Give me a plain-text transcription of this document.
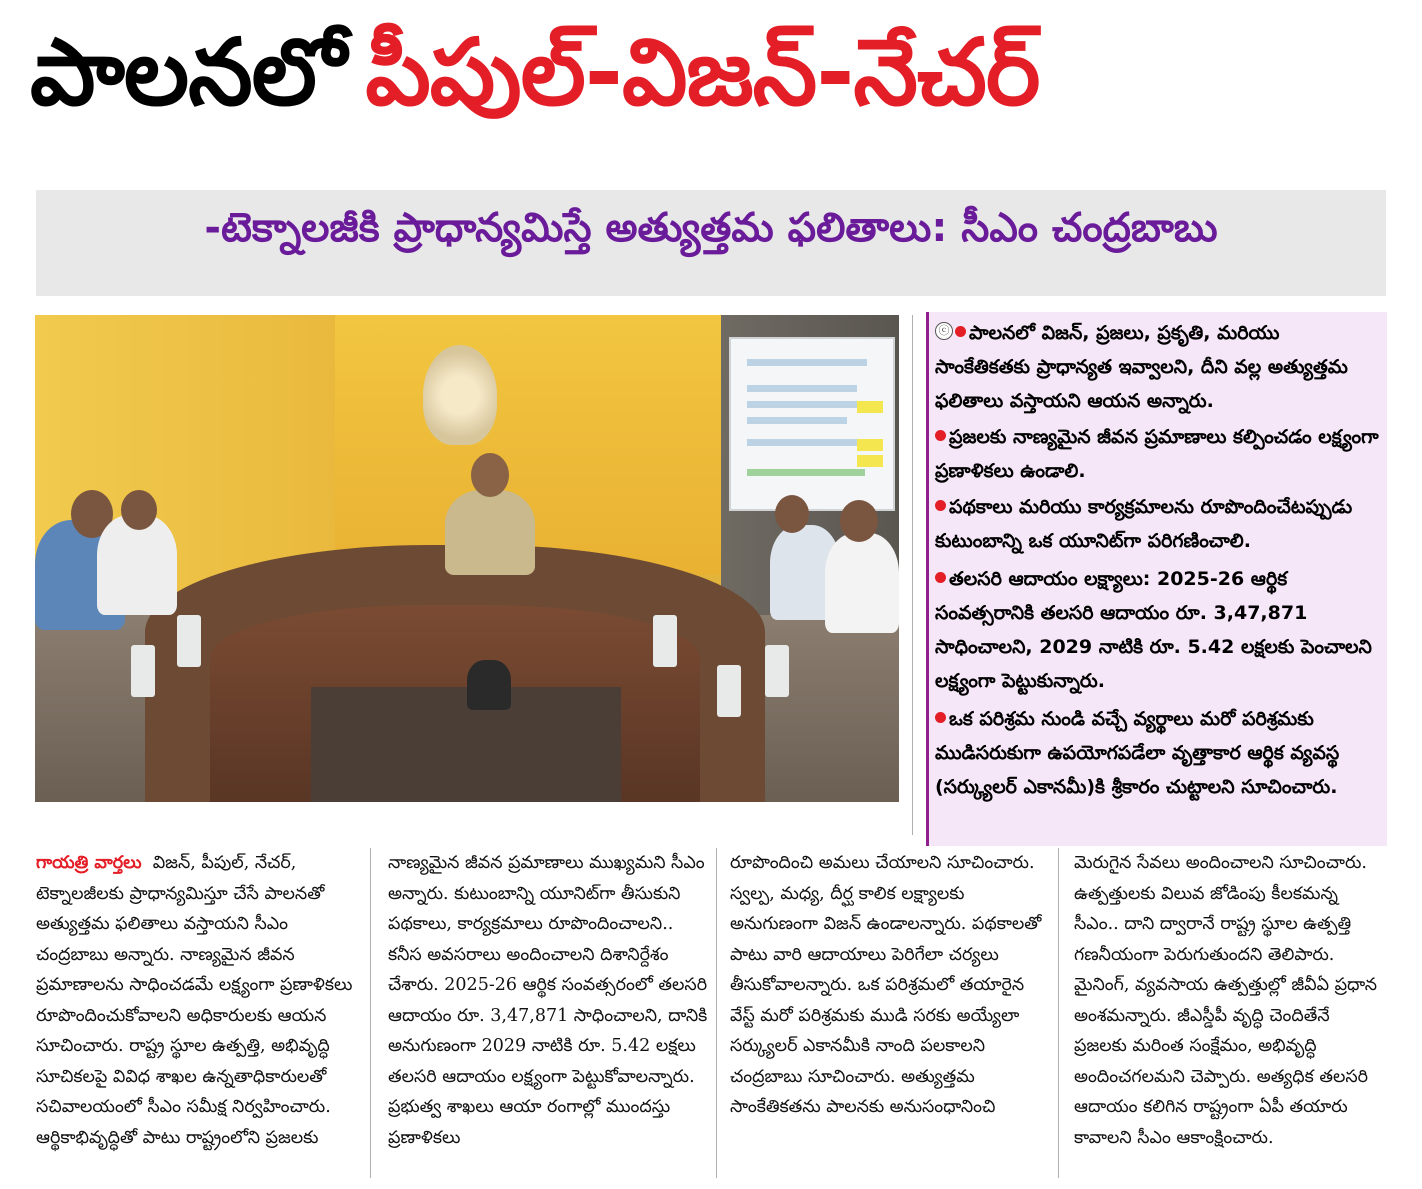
పాలనలో పీపుల్-విజన్-నేచర్
-టెక్నాలజీకి ప్రాధాన్యమిస్తే అత్యుత్తమ ఫలితాలు: సీఎం చంద్రబాబు
ⓒ	పాలనలో విజన్, ప్రజలు, ప్రకృతి, మరియు సాంకేతికతకు ప్రాధాన్యత ఇవ్వాలని, దీని వల్ల అత్యుత్తమ ఫలితాలు వస్తాయని ఆయన అన్నారు.
ప్రజలకు నాణ్యమైన జీవన ప్రమాణాలు కల్పించడం లక్ష్యంగా ప్రణాళికలు ఉండాలి.
పథకాలు మరియు కార్యక్రమాలను రూపొందించేటప్పుడు కుటుంబాన్ని ఒక యూనిట్‌గా పరిగణించాలి.
తలసరి ఆదాయం లక్ష్యాలు: 2025-26 ఆర్థిక సంవత్సరానికి తలసరి ఆదాయం రూ. 3,47,871 సాధించాలని, 2029 నాటికి రూ. 5.42 లక్షలకు పెంచాలని లక్ష్యంగా పెట్టుకున్నారు.
ఒక పరిశ్రమ నుండి వచ్చే వ్యర్థాలు మరో పరిశ్రమకు ముడిసరుకుగా ఉపయోగపడేలా వృత్తాకార ఆర్థిక వ్యవస్థ (సర్క్యులర్ ఎకానమీ)కి శ్రీకారం చుట్టాలని సూచించారు.

గాయత్రి వార్తలు విజన్, పీపుల్, నేచర్, టెక్నాలజీలకు ప్రాధాన్యమిస్తూ చేసే పాలనతో అత్యుత్తమ ఫలితాలు వస్తాయని సీఎం చంద్రబాబు అన్నారు. నాణ్యమైన జీవన ప్రమాణాలను సాధించడమే లక్ష్యంగా ప్రణాళికలు రూపొందించుకోవాలని అధికారులకు ఆయన సూచించారు. రాష్ట్ర స్థూల ఉత్పత్తి, అభివృద్ధి సూచికలపై వివిధ శాఖల ఉన్నతాధికారులతో సచివాలయంలో సీఎం సమీక్ష నిర్వహించారు. ఆర్థికాభివృద్ధితో పాటు రాష్ట్రంలోని ప్రజలకు

నాణ్యమైన జీవన ప్రమాణాలు ముఖ్యమని సీఎం అన్నారు. కుటుంబాన్ని యూనిట్‌గా తీసుకుని పథకాలు, కార్యక్రమాలు రూపొందించాలని.. కనీస అవసరాలు అందించాలని దిశానిర్దేశం చేశారు. 2025-26 ఆర్థిక సంవత్సరంలో తలసరి ఆదాయం రూ. 3,47,871 సాధించాలని, దానికి అనుగుణంగా 2029 నాటికి రూ. 5.42 లక్షలు తలసరి ఆదాయం లక్ష్యంగా పెట్టుకోవాలన్నారు. ప్రభుత్వ శాఖలు ఆయా రంగాల్లో ముందస్తు ప్రణాళికలు

రూపొందించి అమలు చేయాలని సూచించారు. స్వల్ప, మధ్య, దీర్ఘ కాలిక లక్ష్యాలకు అనుగుణంగా విజన్ ఉండాలన్నారు. పథకాలతో పాటు వారి ఆదాయాలు పెరిగేలా చర్యలు తీసుకోవాలన్నారు. ఒక పరిశ్రమలో తయారైన వేస్ట్ మరో పరిశ్రమకు ముడి సరకు అయ్యేలా సర్క్యులర్ ఎకానమీకి నాంది పలకాలని చంద్రబాబు సూచించారు. అత్యుత్తమ సాంకేతికతను పాలనకు అనుసంధానించి

మెరుగైన సేవలు అందించాలని సూచించారు. ఉత్పత్తులకు విలువ జోడింపు కీలకమన్న సీఎం.. దాని ద్వారానే రాష్ట్ర స్థూల ఉత్పత్తి గణనీయంగా పెరుగుతుందని తెలిపారు. మైనింగ్, వ్యవసాయ ఉత్పత్తుల్లో జీవీఏ ప్రధాన అంశమన్నారు. జీఎస్డీపీ వృద్ధి చెందితేనే ప్రజలకు మరింత సంక్షేమం, అభివృద్ధి అందించగలమని చెప్పారు. అత్యధిక తలసరి ఆదాయం కలిగిన రాష్ట్రంగా ఏపీ తయారు కావాలని సీఎం ఆకాంక్షించారు.
